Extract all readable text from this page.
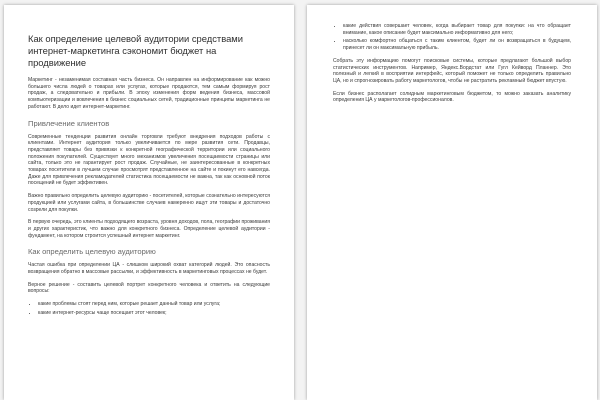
Как определение целевой аудитории средствами интернет-маркетинга сэкономит бюджет на продвижение

Маркетинг - незаменимая составная часть бизнеса. Он направлен на информирование как можно большего числа людей о товарах или услугах, которые продаются, тем самым формируя рост продаж, а следовательно и прибыли. В эпоху изменения форм ведения бизнеса, массовой компьютеризации и вовлечения в бизнес социальных сетей, традиционные принципы маркетинга не работают. В дело идет интернет-маркетинг.

Привлечение клиентов

Современные тенденции развития онлайн торговли требуют внедрения подходов работы с клиентами. Интернет аудитория только увеличивается по мере развития сети. Продавцы, представляет товары без привязки к конкретной географической территории или социального положения покупателей. Существует много механизмов увеличения посещаемости страницы или сайта, только это не гарантирует рост продаж. Случайные, не заинтересованные в конкретных товарах посетители в лучшем случае просмотрят представленное на сайте и покинут его навсегда. Даже для привлечения рекламодателей статистика посещаемости не важна, так как основной поток посещений не будет эффективен.

Важно правильно определить целевую аудиторию - посетителей, которые сознательно интересуются продукцией или услугами сайта, в большинстве случаев намеренно ищут эти товары и достаточно созрели для покупки.

В первую очередь, это клиенты подходящего возраста, уровня доходов, пола, географии проживания и других характеристик, что важно для конкретного бизнеса. Определение целевой аудитории - фундамент, на котором строится успешный интернет маркетинг.

Как определить целевую аудиторию

Частая ошибка при определении ЦА - слишком широкий охват категорий людей. Это опасность возвращения обратно в массовые рассылки, и эффективность в маркетинговых процессах не будет.

Верное решение - составить целевой портрет конкретного человека и ответить на следующие вопросы:

• какие проблемы стоят перед ним, которые решает данный товар или услуга;
• какие интернет-ресурсы чаще посещает этот человек;
• какие действия совершает человек, когда выбирает товар для покупки: на что обращает внимание, какое описание будет максимально информативно для него;
• насколько комфортно общаться с таким клиентом, будет ли он возвращаться в будущем, принесет ли он максимальную прибыль.

Собрать эту информацию помогут поисковые системы, которые предлагают большой выбор статистических инструментов. Например, Яндекс.Вордстат или Гугл Кейворд Планнер. Это полезный и легкий в восприятии интерфейс, который поможет не только определить правильно ЦА, но и спрогнозировать работу маркетологов, чтобы не растратить рекламный бюджет впустую.

Если бизнес располагает солидным маркетинговым бюджетом, то можно заказать аналитику определения ЦА у маркетологов-профессионалов.
